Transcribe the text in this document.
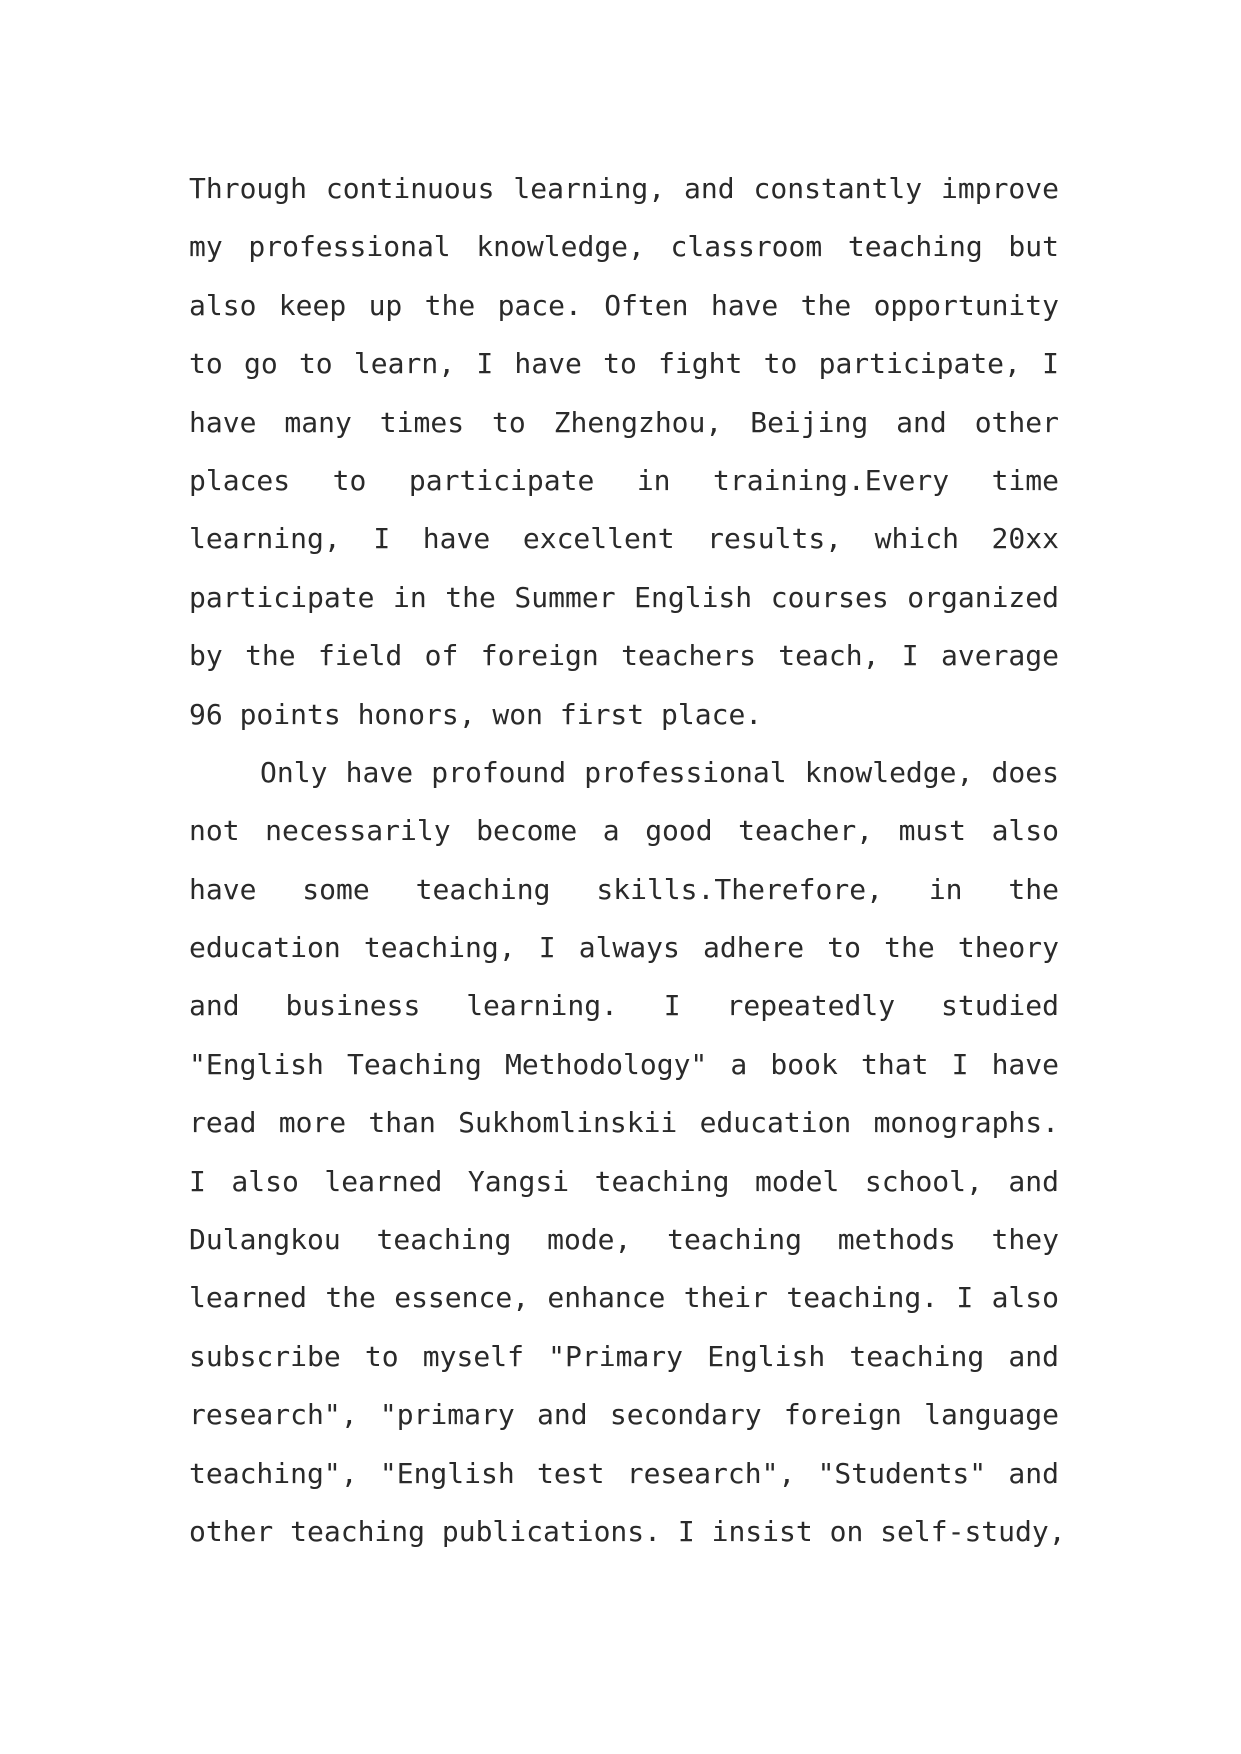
Through continuous learning, and constantly improve
my professional knowledge, classroom teaching but
also keep up the pace. Often have the opportunity
to go to learn, I have to fight to participate, I
have many times to Zhengzhou, Beijing and other
places to participate in training.Every time
learning, I have excellent results, which 20xx
participate in the Summer English courses organized
by the field of foreign teachers teach, I average
96 points honors, won first place.
Only have profound professional knowledge, does
not necessarily become a good teacher, must also
have some teaching skills.Therefore, in the
education teaching, I always adhere to the theory
and business learning. I repeatedly studied
"English Teaching Methodology" a book that I have
read more than Sukhomlinskii education monographs.
I also learned Yangsi teaching model school, and
Dulangkou teaching mode, teaching methods they
learned the essence, enhance their teaching. I also
subscribe to myself "Primary English teaching and
research", "primary and secondary foreign language
teaching", "English test research", "Students" and
other teaching publications. I insist on self-study,
